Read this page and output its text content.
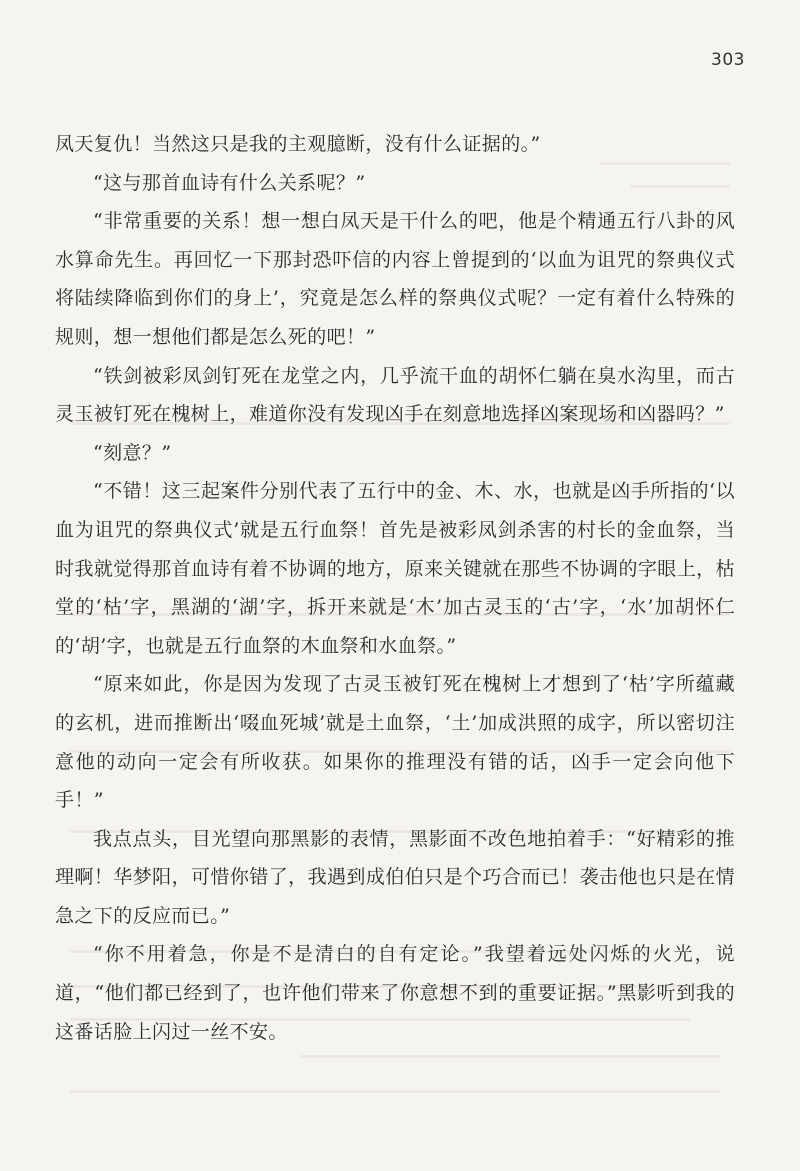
303

凤天复仇！当然这只是我的主观臆断，没有什么证据的。”

“这与那首血诗有什么关系呢？”

“非常重要的关系！想一想白凤天是干什么的吧，他是个精通五行八卦的风水算命先生。再回忆一下那封恐吓信的内容上曾提到的‘以血为诅咒的祭典仪式将陆续降临到你们的身上’，究竟是怎么样的祭典仪式呢？一定有着什么特殊的规则，想一想他们都是怎么死的吧！”

“铁剑被彩凤剑钉死在龙堂之内，几乎流干血的胡怀仁躺在臭水沟里，而古灵玉被钉死在槐树上，难道你没有发现凶手在刻意地选择凶案现场和凶器吗？”

“刻意？”

“不错！这三起案件分别代表了五行中的金、木、水，也就是凶手所指的‘以血为诅咒的祭典仪式’就是五行血祭！首先是被彩凤剑杀害的村长的金血祭，当时我就觉得那首血诗有着不协调的地方，原来关键就在那些不协调的字眼上，枯堂的‘枯’字，黑湖的‘湖’字，拆开来就是‘木’加古灵玉的‘古’字，‘水’加胡怀仁的‘胡’字，也就是五行血祭的木血祭和水血祭。”

“原来如此，你是因为发现了古灵玉被钉死在槐树上才想到了‘枯’字所蕴藏的玄机，进而推断出‘啜血死城’就是土血祭，‘土’加成洪照的成字，所以密切注意他的动向一定会有所收获。如果你的推理没有错的话，凶手一定会向他下手！”

我点点头，目光望向那黑影的表情，黑影面不改色地拍着手：“好精彩的推理啊！华梦阳，可惜你错了，我遇到成伯伯只是个巧合而已！袭击他也只是在情急之下的反应而已。”

“你不用着急，你是不是清白的自有定论。”我望着远处闪烁的火光，说道，“他们都已经到了，也许他们带来了你意想不到的重要证据。”黑影听到我的这番话脸上闪过一丝不安。
